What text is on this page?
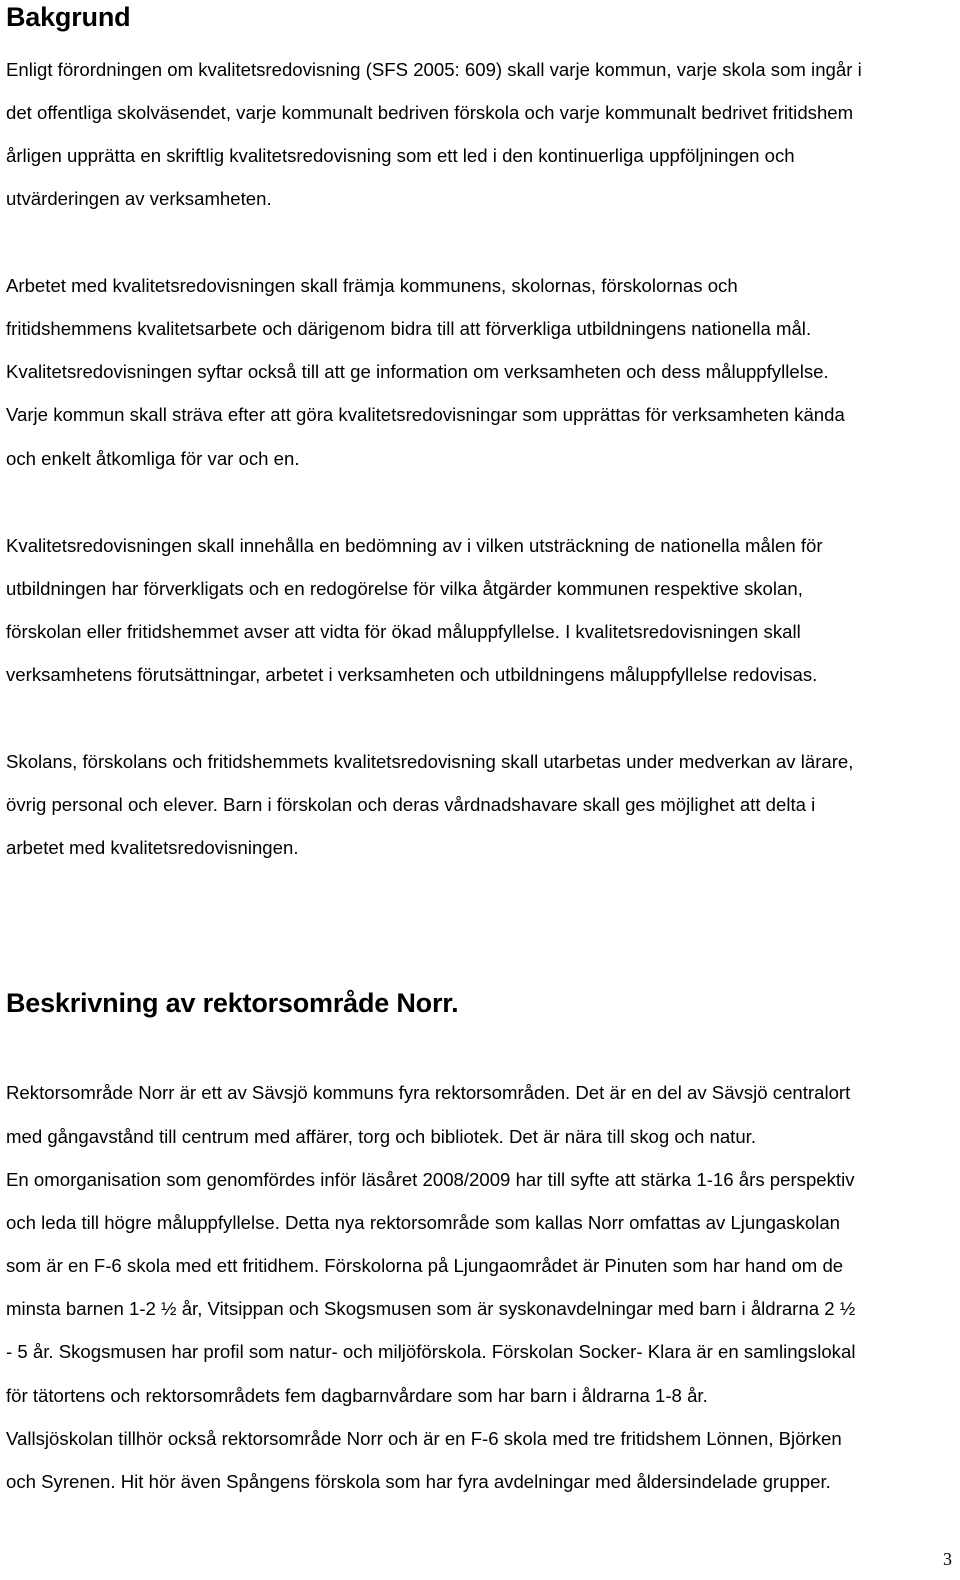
Bakgrund

Enligt förordningen om kvalitetsredovisning (SFS 2005: 609) skall varje kommun, varje skola som ingår i

det offentliga skolväsendet, varje kommunalt bedriven förskola och varje kommunalt bedrivet fritidshem

årligen upprätta en skriftlig kvalitetsredovisning som ett led i den kontinuerliga uppföljningen och

utvärderingen av verksamheten.

Arbetet med kvalitetsredovisningen skall främja kommunens, skolornas, förskolornas och

fritidshemmens kvalitetsarbete och därigenom bidra till att förverkliga utbildningens nationella mål.

Kvalitetsredovisningen syftar också till att ge information om verksamheten och dess måluppfyllelse.

Varje kommun skall sträva efter att göra kvalitetsredovisningar som upprättas för verksamheten kända

och enkelt åtkomliga för var och en.

Kvalitetsredovisningen skall innehålla en bedömning av i vilken utsträckning de nationella målen för

utbildningen har förverkligats och en redogörelse för vilka åtgärder kommunen respektive skolan,

förskolan eller fritidshemmet avser att vidta för ökad måluppfyllelse. I kvalitetsredovisningen skall

verksamhetens förutsättningar, arbetet i verksamheten och utbildningens måluppfyllelse redovisas.

Skolans, förskolans och fritidshemmets kvalitetsredovisning skall utarbetas under medverkan av lärare,

övrig personal och elever. Barn i förskolan och deras vårdnadshavare skall ges möjlighet att delta i

arbetet med kvalitetsredovisningen.

Beskrivning av rektorsområde Norr.

Rektorsområde Norr är ett av Sävsjö kommuns fyra rektorsområden. Det är en del av Sävsjö centralort

med gångavstånd till centrum med affärer, torg och bibliotek. Det är nära till skog och natur.

En omorganisation som genomfördes inför läsåret 2008/2009 har till syfte att stärka 1-16 års perspektiv

och leda till högre måluppfyllelse. Detta nya rektorsområde som kallas Norr omfattas av Ljungaskolan

som är en F-6 skola med ett fritidhem. Förskolorna på Ljungaområdet är Pinuten som har hand om de

minsta barnen 1-2 ½ år, Vitsippan och Skogsmusen som är syskonavdelningar med barn i åldrarna 2 ½

- 5 år. Skogsmusen har profil som natur- och miljöförskola. Förskolan Socker- Klara är en samlingslokal

för tätortens och rektorsområdets fem dagbarnvårdare som har barn i åldrarna 1-8 år.

Vallsjöskolan tillhör också rektorsområde Norr och är en F-6 skola med tre fritidshem Lönnen, Björken

och Syrenen. Hit hör även Spångens förskola som har fyra avdelningar med åldersindelade grupper.

3
